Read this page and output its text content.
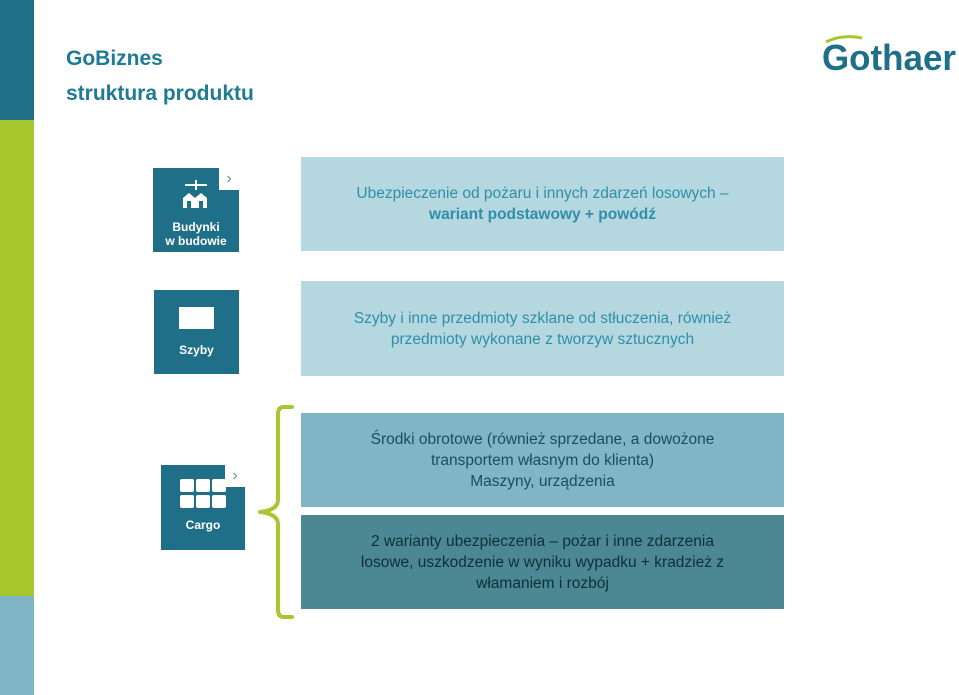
GoBiznes
struktura produktu
Gothaer
›
Budynki
w budowie
Szyby
›
Cargo
Ubezpieczenie od pożaru i innych zdarzeń losowych –
wariant podstawowy + powódź
Szyby i inne przedmioty szklane od stłuczenia, również
przedmioty wykonane z tworzyw sztucznych
Środki obrotowe (również sprzedane, a dowożone
transportem własnym do klienta)
Maszyny, urządzenia
2 warianty ubezpieczenia – pożar i inne zdarzenia
losowe, uszkodzenie w wyniku wypadku + kradzież z
włamaniem i rozbój
